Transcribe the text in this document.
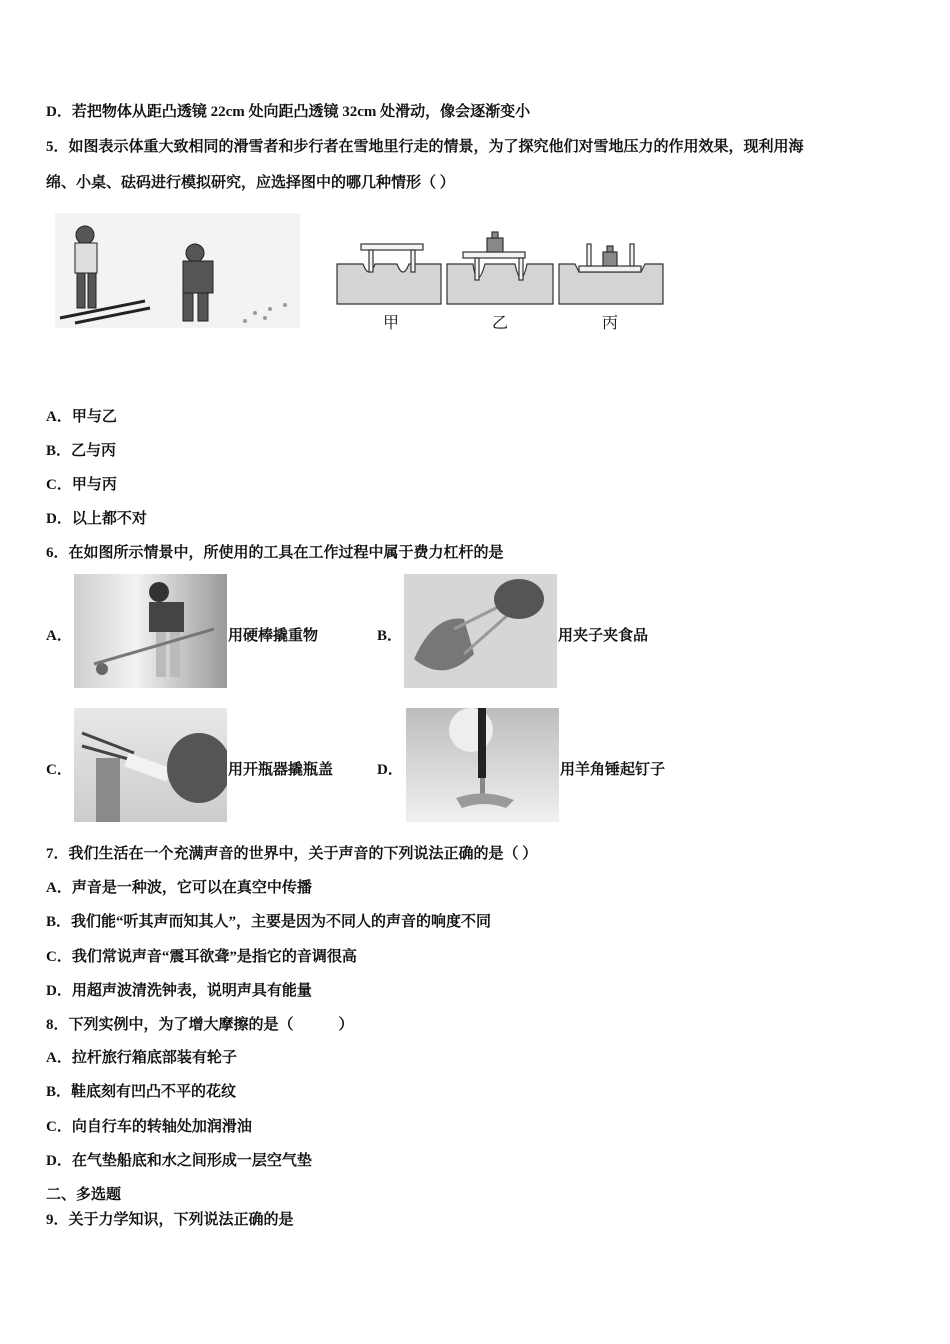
D．若把物体从距凸透镜 22cm 处向距凸透镜 32cm 处滑动，像会逐渐变小
5．如图表示体重大致相同的滑雪者和步行者在雪地里行走的情景，为了探究他们对雪地压力的作用效果，现利用海
绵、小桌、砝码进行模拟研究，应选择图中的哪几种情形（ ）
甲	乙	丙
A．甲与乙
B．乙与丙
C．甲与丙
D．以上都不对
6．在如图所示情景中，所使用的工具在工作过程中属于费力杠杆的是
A．	用硬棒撬重物	B．	用夹子夹食品
C．	用开瓶器撬瓶盖	D．	用羊角锤起钉子
7．我们生活在一个充满声音的世界中，关于声音的下列说法正确的是（ ）
A．声音是一种波，它可以在真空中传播
B．我们能“听其声而知其人”，主要是因为不同人的声音的响度不同
C．我们常说声音“震耳欲聋”是指它的音调很高
D．用超声波清洗钟表，说明声具有能量
8．下列实例中，为了增大摩擦的是（　　　）
A．拉杆旅行箱底部装有轮子
B．鞋底刻有凹凸不平的花纹
C．向自行车的转轴处加润滑油
D．在气垫船底和水之间形成一层空气垫
二、多选题
9．关于力学知识，下列说法正确的是
